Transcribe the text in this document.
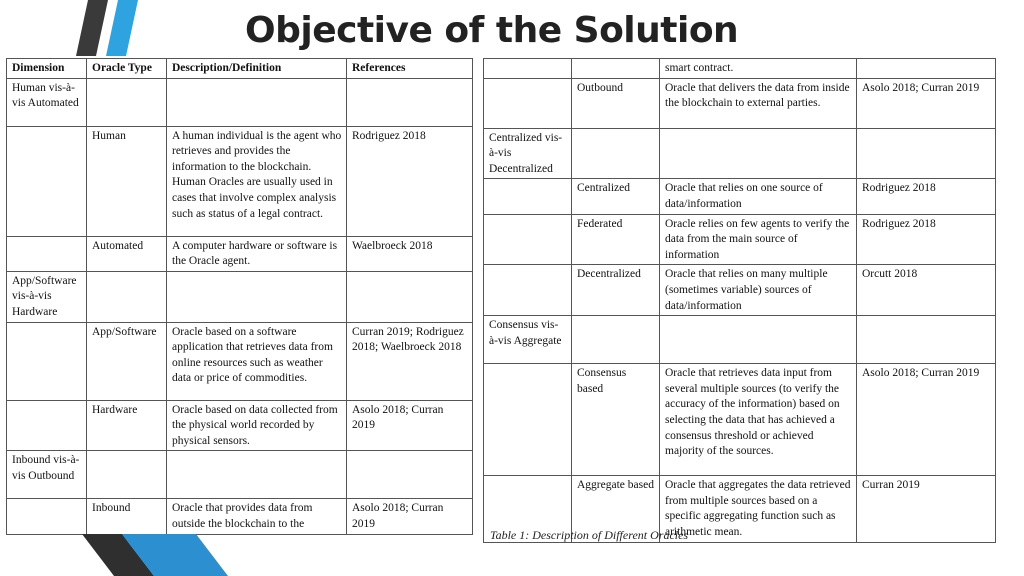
Objective of the Solution
Dimension	Oracle Type	Description/Definition	References
Human vis-à-vis Automated			
	Human	A human individual is the agent who retrieves and provides the information to the blockchain. Human Oracles are usually used in cases that involve complex analysis such as status of a legal contract.	Rodriguez 2018
	Automated	A computer hardware or software is the Oracle agent.	Waelbroeck 2018
App/Software vis-à-vis Hardware			
	App/Software	Oracle based on a software application that retrieves data from online resources such as weather data or price of commodities.	Curran 2019; Rodriguez 2018; Waelbroeck 2018
	Hardware	Oracle based on data collected from the physical world recorded by physical sensors.	Asolo 2018; Curran 2019
Inbound vis-à-vis Outbound			
	Inbound	Oracle that provides data from outside the blockchain to the	Asolo 2018; Curran 2019
		smart contract.	
	Outbound	Oracle that delivers the data from inside the blockchain to external parties.	Asolo 2018; Curran 2019
Centralized vis-à-vis Decentralized			
	Centralized	Oracle that relies on one source of data/information	Rodriguez 2018
	Federated	Oracle relies on few agents to verify the data from the main source of information	Rodriguez 2018
	Decentralized	Oracle that relies on many multiple (sometimes variable) sources of data/information	Orcutt 2018
Consensus vis-à-vis Aggregate			
	Consensus based	Oracle that retrieves data input from several multiple sources (to verify the accuracy of the information) based on selecting the data that has achieved a consensus threshold or achieved majority of the sources.	Asolo 2018; Curran 2019
	Aggregate based	Oracle that aggregates the data retrieved from multiple sources based on a specific aggregating function such as arithmetic mean.	Curran 2019
Table 1: Description of Different Oracles
